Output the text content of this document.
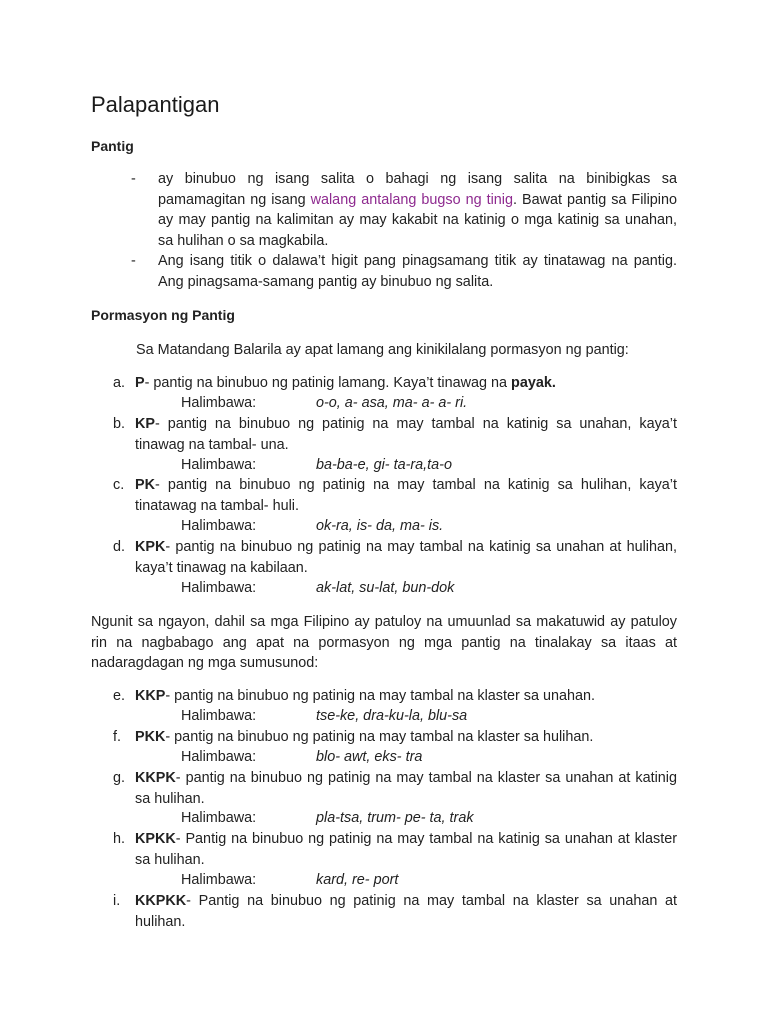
Palapantigan
Pantig
- ay binubuo ng isang salita o bahagi ng isang salita na binibigkas sa pamamagitan ng isang walang antalang bugso ng tinig. Bawat pantig sa Filipino ay may pantig na kalimitan ay may kakabit na katinig o mga katinig sa unahan, sa hulihan o sa magkabila.

- Ang isang titik o dalawa’t higit pang pinagsamang titik ay tinatawag na pantig. Ang pinagsama-samang pantig ay binubuo ng salita.

Pormasyon ng Pantig

Sa Matandang Balarila ay apat lamang ang kinikilalang pormasyon ng pantig:

a. P- pantig na binubuo ng patinig lamang. Kaya’t tinawag na payak.

Halimbawa:	o-o, a- asa, ma- a- a- ri.
b. KP- pantig na binubuo ng patinig na may tambal na katinig sa unahan, kaya’t tinawag na tambal- una.

Halimbawa:	ba-ba-e, gi- ta-ra,ta-o
c. PK- pantig na binubuo ng patinig na may tambal na katinig sa hulihan, kaya’t tinatawag na tambal- huli.

Halimbawa:	ok-ra, is- da, ma- is.
d. KPK- pantig na binubuo ng patinig na may tambal na katinig sa unahan at hulihan, kaya’t tinawag na kabilaan.

Halimbawa:	ak-lat, su-lat, bun-dok

Ngunit sa ngayon, dahil sa mga Filipino ay patuloy na umuunlad sa makatuwid ay patuloy rin na nagbabago ang apat na pormasyon ng mga pantig na tinalakay sa itaas at nadaragdagan ng mga sumusunod:

e. KKP- pantig na binubuo ng patinig na may tambal na klaster sa unahan.

Halimbawa:	tse-ke, dra-ku-la, blu-sa
f. PKK- pantig na binubuo ng patinig na may tambal na klaster sa hulihan.

Halimbawa:	blo- awt, eks- tra
g. KKPK- pantig na binubuo ng patinig na may tambal na klaster sa unahan at katinig sa hulihan.

Halimbawa:	pla-tsa, trum- pe- ta, trak
h. KPKK- Pantig na binubuo ng patinig na may tambal na katinig sa unahan at klaster sa hulihan.

Halimbawa:	kard, re- port
i. KKPKK- Pantig na binubuo ng patinig na may tambal na klaster sa unahan at hulihan.
